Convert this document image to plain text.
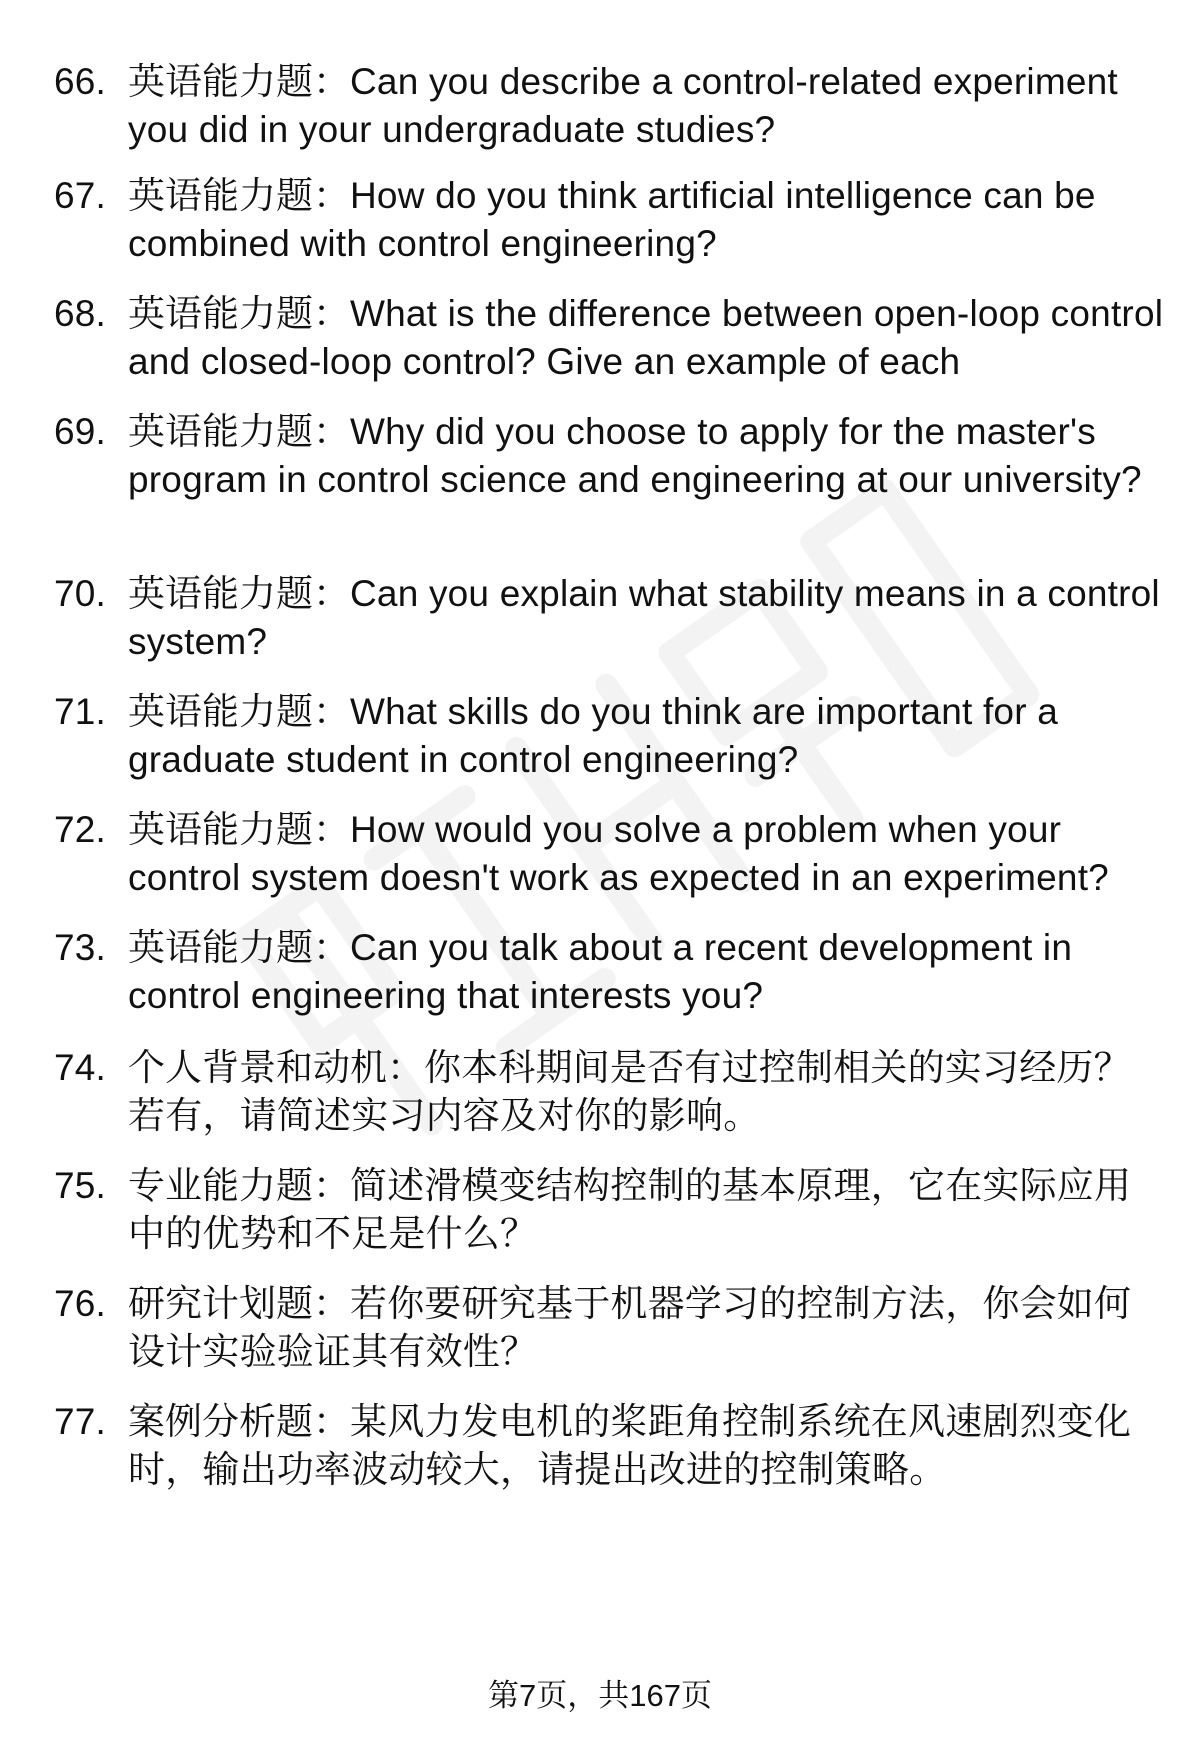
66. 英语能力题：Can you describe a control-related experiment you did in your undergraduate studies?
67. 英语能力题：How do you think artificial intelligence can be combined with control engineering?
68. 英语能力题：What is the difference between open-loop control and closed-loop control? Give an example of each
69. 英语能力题：Why did you choose to apply for the master's program in control science and engineering at our university?
70. 英语能力题：Can you explain what stability means in a control system?
71. 英语能力题：What skills do you think are important for a graduate student in control engineering?
72. 英语能力题：How would you solve a problem when your control system doesn't work as expected in an experiment?
73. 英语能力题：Can you talk about a recent development in control engineering that interests you?
74. 个人背景和动机：你本科期间是否有过控制相关的实习经历？若有，请简述实习内容及对你的影响。
75. 专业能力题：简述滑模变结构控制的基本原理，它在实际应用中的优势和不足是什么？
76. 研究计划题：若你要研究基于机器学习的控制方法，你会如何设计实验验证其有效性？
77. 案例分析题：某风力发电机的桨距角控制系统在风速剧烈变化时，输出功率波动较大，请提出改进的控制策略。
第7页，共167页
